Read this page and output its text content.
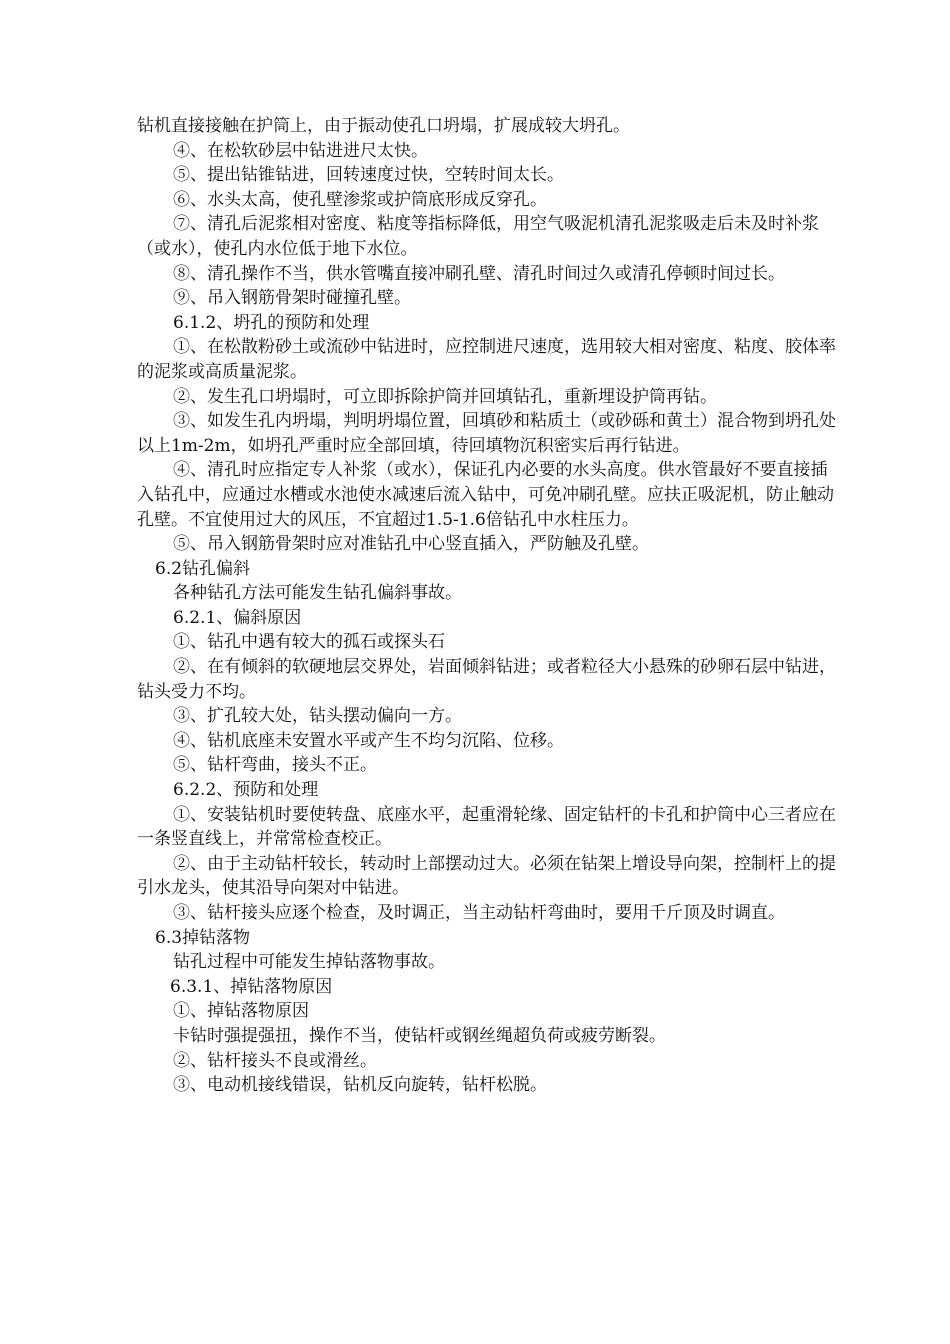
钻机直接接触在护筒上，由于振动使孔口坍塌，扩展成较大坍孔。

④、在松软砂层中钻进进尺太快。

⑤、提出钻锥钻进，回转速度过快，空转时间太长。

⑥、水头太高，使孔壁渗浆或护筒底形成反穿孔。

⑦、清孔后泥浆相对密度、粘度等指标降低，用空气吸泥机清孔泥浆吸走后未及时补浆（或水），使孔内水位低于地下水位。

⑧、清孔操作不当，供水管嘴直接冲刷孔壁、清孔时间过久或清孔停顿时间过长。

⑨、吊入钢筋骨架时碰撞孔壁。

6.1.2、坍孔的预防和处理

①、在松散粉砂土或流砂中钻进时，应控制进尺速度，选用较大相对密度、粘度、胶体率的泥浆或高质量泥浆。

②、发生孔口坍塌时，可立即拆除护筒并回填钻孔，重新埋设护筒再钻。

③、如发生孔内坍塌，判明坍塌位置，回填砂和粘质土（或砂砾和黄土）混合物到坍孔处以上1m-2m，如坍孔严重时应全部回填，待回填物沉积密实后再行钻进。

④、清孔时应指定专人补浆（或水），保证孔内必要的水头高度。供水管最好不要直接插入钻孔中，应通过水槽或水池使水减速后流入钻中，可免冲刷孔壁。应扶正吸泥机，防止触动孔壁。不宜使用过大的风压，不宜超过1.5-1.6倍钻孔中水柱压力。

⑤、吊入钢筋骨架时应对准钻孔中心竖直插入，严防触及孔壁。

6.2钻孔偏斜

各种钻孔方法可能发生钻孔偏斜事故。

6.2.1、偏斜原因

①、钻孔中遇有较大的孤石或探头石

②、在有倾斜的软硬地层交界处，岩面倾斜钻进；或者粒径大小悬殊的砂卵石层中钻进，钻头受力不均。

③、扩孔较大处，钻头摆动偏向一方。

④、钻机底座未安置水平或产生不均匀沉陷、位移。

⑤、钻杆弯曲，接头不正。

6.2.2、预防和处理

①、安装钻机时要使转盘、底座水平，起重滑轮缘、固定钻杆的卡孔和护筒中心三者应在一条竖直线上，并常常检查校正。

②、由于主动钻杆较长，转动时上部摆动过大。必须在钻架上增设导向架，控制杆上的提引水龙头，使其沿导向架对中钻进。

③、钻杆接头应逐个检查，及时调正，当主动钻杆弯曲时，要用千斤顶及时调直。

6.3掉钻落物

钻孔过程中可能发生掉钻落物事故。

6.3.1、掉钻落物原因

①、掉钻落物原因

卡钻时强提强扭，操作不当，使钻杆或钢丝绳超负荷或疲劳断裂。

②、钻杆接头不良或滑丝。

③、电动机接线错误，钻机反向旋转，钻杆松脱。
